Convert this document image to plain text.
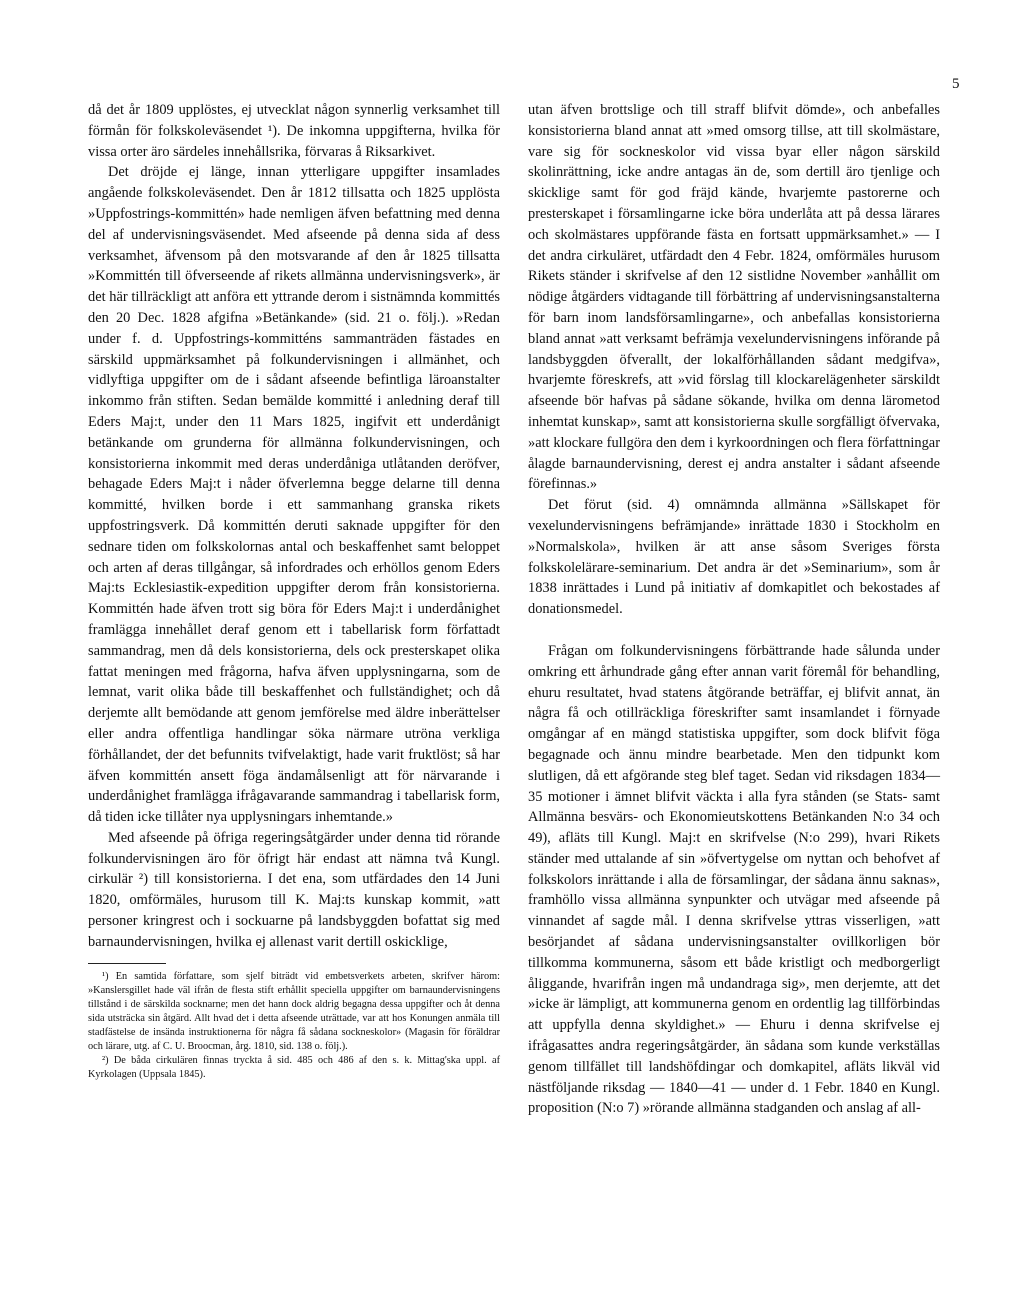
5

då det år 1809 upplöstes, ej utvecklat någon synnerlig verksamhet till förmån för folkskoleväsendet ¹). De inkomna uppgifterna, hvilka för vissa orter äro särdeles innehållsrika, förvaras å Riksarkivet.

Det dröjde ej länge, innan ytterligare uppgifter insamlades angående folkskoleväsendet. Den år 1812 tillsatta och 1825 upplösta »Uppfostrings-kommittén» hade nemligen äfven befattning med denna del af undervisningsväsendet. Med afseende på denna sida af dess verksamhet, äfvensom på den motsvarande af den år 1825 tillsatta »Kommittén till öfverseende af rikets allmänna undervisningsverk», är det här tillräckligt att anföra ett yttrande derom i sistnämnda kommittés den 20 Dec. 1828 afgifna »Betänkande» (sid. 21 o. följ.). »Redan under f. d. Uppfostrings-kommitténs sammanträden fästades en särskild uppmärksamhet på folkundervisningen i allmänhet, och vidlyftiga uppgifter om de i sådant afseende befintliga läroanstalter inkommo från stiften. Sedan bemälde kommitté i anledning deraf till Eders Maj:t, under den 11 Mars 1825, ingifvit ett underdånigt betänkande om grunderna för allmänna folkundervisningen, och konsistorierna inkommit med deras underdåniga utlåtanden deröfver, behagade Eders Maj:t i nåder öfverlemna begge delarne till denna kommitté, hvilken borde i ett sammanhang granska rikets uppfostringsverk. Då kommittén deruti saknade uppgifter för den sednare tiden om folkskolornas antal och beskaffenhet samt beloppet och arten af deras tillgångar, så infordrades och erhöllos genom Eders Maj:ts Ecklesiastik-expedition uppgifter derom från konsistorierna. Kommittén hade äfven trott sig böra för Eders Maj:t i underdånighet framlägga innehållet deraf genom ett i tabellarisk form författadt sammandrag, men då dels konsistorierna, dels ock presterskapet olika fattat meningen med frågorna, hafva äfven upplysningarna, som de lemnat, varit olika både till beskaffenhet och fullständighet; och då derjemte allt bemödande att genom jemförelse med äldre inberättelser eller andra offentliga handlingar söka närmare utröna verkliga förhållandet, der det befunnits tvifvelaktigt, hade varit fruktlöst; så har äfven kommittén ansett föga ändamålsenligt att för närvarande i underdånighet framlägga ifrågavarande sammandrag i tabellarisk form, då tiden icke tillåter nya upplysningars inhemtande.»

Med afseende på öfriga regeringsåtgärder under denna tid rörande folkundervisningen äro för öfrigt här endast att nämna två Kungl. cirkulär ²) till konsistorierna. I det ena, som utfärdades den 14 Juni 1820, omförmäles, hurusom till K. Maj:ts kunskap kommit, »att personer kringrest och i sockuarne på landsbyggden bofattat sig med barnaundervisningen, hvilka ej allenast varit dertill oskicklige,

¹) En samtida författare, som sjelf biträdt vid embetsverkets arbeten, skrifver härom: »Kanslersgillet hade väl ifrån de flesta stift erhållit speciella uppgifter om barnaundervisningens tillstånd i de särskilda socknarne; men det hann dock aldrig begagna dessa uppgifter och åt denna sida utsträcka sin åtgärd. Allt hvad det i detta afseende uträttade, var att hos Konungen anmäla till stadfästelse de insända instruktionerna för några få sådana sockneskolor» (Magasin för föräldrar och lärare, utg. af C. U. Broocman, årg. 1810, sid. 138 o. följ.).

²) De båda cirkulären finnas tryckta å sid. 485 och 486 af den s. k. Mittag'ska uppl. af Kyrkolagen (Uppsala 1845).

utan äfven brottslige och till straff blifvit dömde», och anbefalles konsistorierna bland annat att »med omsorg tillse, att till skolmästare, vare sig för sockneskolor vid vissa byar eller någon särskild skolinrättning, icke andre antagas än de, som dertill äro tjenlige och skicklige samt för god fräjd kände, hvarjemte pastorerne och presterskapet i församlingarne icke böra underlåta att på dessa lärares och skolmästares uppförande fästa en fortsatt uppmärksamhet.» — I det andra cirkuläret, utfärdadt den 4 Febr. 1824, omförmäles hurusom Rikets ständer i skrifvelse af den 12 sistlidne November »anhållit om nödige åtgärders vidtagande till förbättring af undervisningsanstalterna för barn inom landsförsamlingarne», och anbefallas konsistorierna bland annat »att verksamt befrämja vexelundervisningens införande på landsbyggden öfverallt, der lokalförhållanden sådant medgifva», hvarjemte föreskrefs, att »vid förslag till klockarelägenheter särskildt afseende bör hafvas på sådane sökande, hvilka om denna lärometod inhemtat kunskap», samt att konsistorierna skulle sorgfälligt öfvervaka, »att klockare fullgöra den dem i kyrkoordningen och flera författningar ålagde barnaundervisning, derest ej andra anstalter i sådant afseende förefinnas.»

Det förut (sid. 4) omnämnda allmänna »Sällskapet för vexelundervisningens befrämjande» inrättade 1830 i Stockholm en »Normalskola», hvilken är att anse såsom Sveriges första folkskolelärare-seminarium. Det andra är det »Seminarium», som år 1838 inrättades i Lund på initiativ af domkapitlet och bekostades af donationsmedel.

Frågan om folkundervisningens förbättrande hade sålunda under omkring ett århundrade gång efter annan varit föremål för behandling, ehuru resultatet, hvad statens åtgörande beträffar, ej blifvit annat, än några få och otillräckliga föreskrifter samt insamlandet i förnyade omgångar af en mängd statistiska uppgifter, som dock blifvit föga begagnade och ännu mindre bearbetade. Men den tidpunkt kom slutligen, då ett afgörande steg blef taget. Sedan vid riksdagen 1834—35 motioner i ämnet blifvit väckta i alla fyra stånden (se Stats- samt Allmänna besvärs- och Ekonomieutskottens Betänkanden N:o 34 och 49), afläts till Kungl. Maj:t en skrifvelse (N:o 299), hvari Rikets ständer med uttalande af sin »öfvertygelse om nyttan och behofvet af folkskolors inrättande i alla de församlingar, der sådana ännu saknas», framhöllo vissa allmänna synpunkter och utvägar med afseende på vinnandet af sagde mål. I denna skrifvelse yttras visserligen, »att besörjandet af sådana undervisningsanstalter ovillkorligen bör tillkomma kommunerna, såsom ett både kristligt och medborgerligt åliggande, hvarifrån ingen må undandraga sig», men derjemte, att det »icke är lämpligt, att kommunerna genom en ordentlig lag tillförbindas att uppfylla denna skyldighet.» — Ehuru i denna skrifvelse ej ifrågasattes andra regeringsåtgärder, än sådana som kunde verkställas genom tillfället till landshöfdingar och domkapitel, afläts likväl vid nästföljande riksdag — 1840—41 — under d. 1 Febr. 1840 en Kungl. proposition (N:o 7) »rörande allmänna stadganden och anslag af all-
